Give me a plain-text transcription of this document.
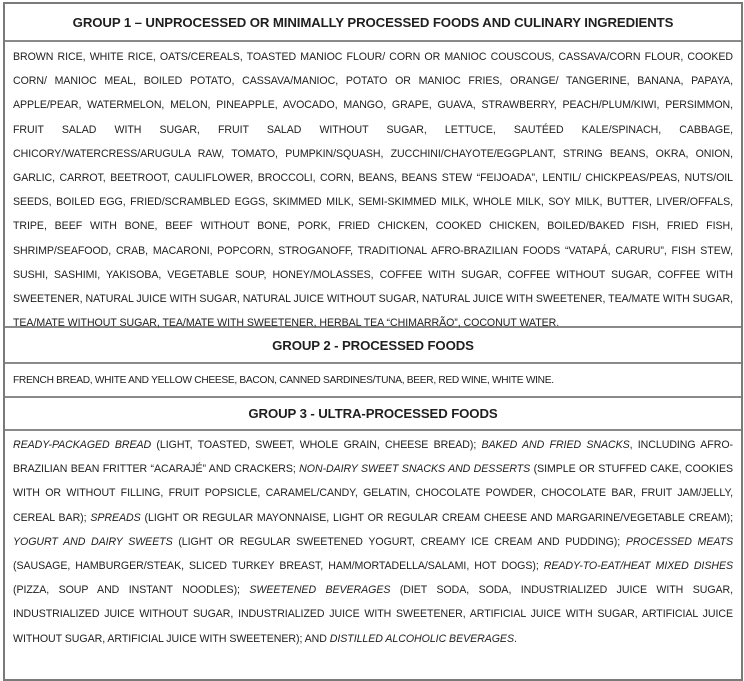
GROUP 1 – UNPROCESSED OR MINIMALLY PROCESSED FOODS AND CULINARY INGREDIENTS
BROWN RICE, WHITE RICE, OATS/CEREALS, TOASTED MANIOC FLOUR/ CORN OR MANIOC COUSCOUS, CASSAVA/CORN FLOUR, COOKED CORN/ MANIOC MEAL, BOILED POTATO, CASSAVA/MANIOC, POTATO OR MANIOC FRIES, ORANGE/ TANGERINE, BANANA, PAPAYA, APPLE/PEAR, WATERMELON, MELON, PINEAPPLE, AVOCADO, MANGO, GRAPE, GUAVA, STRAWBERRY, PEACH/PLUM/KIWI, PERSIMMON, FRUIT SALAD WITH SUGAR, FRUIT SALAD WITHOUT SUGAR, LETTUCE, SAUTÉED KALE/SPINACH, CABBAGE, CHICORY/WATERCRESS/ARUGULA RAW, TOMATO, PUMPKIN/SQUASH, ZUCCHINI/CHAYOTE/EGGPLANT, STRING BEANS, OKRA, ONION, GARLIC, CARROT, BEETROOT, CAULIFLOWER, BROCCOLI, CORN, BEANS, BEANS STEW “FEIJOADA”, LENTIL/ CHICKPEAS/PEAS, NUTS/OIL SEEDS, BOILED EGG, FRIED/SCRAMBLED EGGS, SKIMMED MILK, SEMI-SKIMMED MILK, WHOLE MILK, SOY MILK, BUTTER, LIVER/OFFALS, TRIPE, BEEF WITH BONE, BEEF WITHOUT BONE, PORK, FRIED CHICKEN, COOKED CHICKEN, BOILED/BAKED FISH, FRIED FISH, SHRIMP/SEAFOOD, CRAB, MACARONI, POPCORN, STROGANOFF, TRADITIONAL AFRO-BRAZILIAN FOODS “VATAPÁ, CARURU”, FISH STEW, SUSHI, SASHIMI, YAKISOBA, VEGETABLE SOUP, HONEY/MOLASSES, COFFEE WITH SUGAR, COFFEE WITHOUT SUGAR, COFFEE WITH SWEETENER, NATURAL JUICE WITH SUGAR, NATURAL JUICE WITHOUT SUGAR, NATURAL JUICE WITH SWEETENER, TEA/MATE WITH SUGAR, TEA/MATE WITHOUT SUGAR, TEA/MATE WITH SWEETENER, HERBAL TEA “CHIMARRÃO”, COCONUT WATER.
GROUP 2 - PROCESSED FOODS
FRENCH BREAD, WHITE AND YELLOW CHEESE, BACON, CANNED SARDINES/TUNA, BEER, RED WINE, WHITE WINE.
GROUP 3 - ULTRA-PROCESSED FOODS
READY-PACKAGED BREAD (LIGHT, TOASTED, SWEET, WHOLE GRAIN, CHEESE BREAD); BAKED AND FRIED SNACKS, INCLUDING AFRO-BRAZILIAN BEAN FRITTER “ACARAJÉ” AND CRACKERS; NON-DAIRY SWEET SNACKS AND DESSERTS (SIMPLE OR STUFFED CAKE, COOKIES WITH OR WITHOUT FILLING, FRUIT POPSICLE, CARAMEL/CANDY, GELATIN, CHOCOLATE POWDER, CHOCOLATE BAR, FRUIT JAM/JELLY, CEREAL BAR); SPREADS (LIGHT OR REGULAR MAYONNAISE, LIGHT OR REGULAR CREAM CHEESE AND MARGARINE/VEGETABLE CREAM); YOGURT AND DAIRY SWEETS (LIGHT OR REGULAR SWEETENED YOGURT, CREAMY ICE CREAM AND PUDDING); PROCESSED MEATS (SAUSAGE, HAMBURGER/STEAK, SLICED TURKEY BREAST, HAM/MORTADELLA/SALAMI, HOT DOGS); READY-TO-EAT/HEAT MIXED DISHES (PIZZA, SOUP AND INSTANT NOODLES); SWEETENED BEVERAGES (DIET SODA, SODA, INDUSTRIALIZED JUICE WITH SUGAR, INDUSTRIALIZED JUICE WITHOUT SUGAR, INDUSTRIALIZED JUICE WITH SWEETENER, ARTIFICIAL JUICE WITH SUGAR, ARTIFICIAL JUICE WITHOUT SUGAR, ARTIFICIAL JUICE WITH SWEETENER); AND DISTILLED ALCOHOLIC BEVERAGES.
